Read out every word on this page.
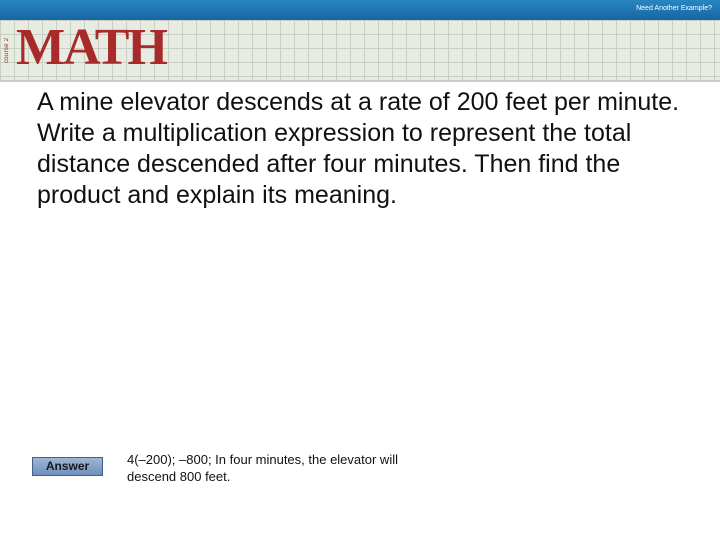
Need Another Example?
course 2 MATH
A mine elevator descends at a rate of 200 feet per minute. Write a multiplication expression to represent the total distance descended after four minutes. Then find the product and explain its meaning.
Answer	4(–200); –800; In four minutes, the elevator will descend 800 feet.
